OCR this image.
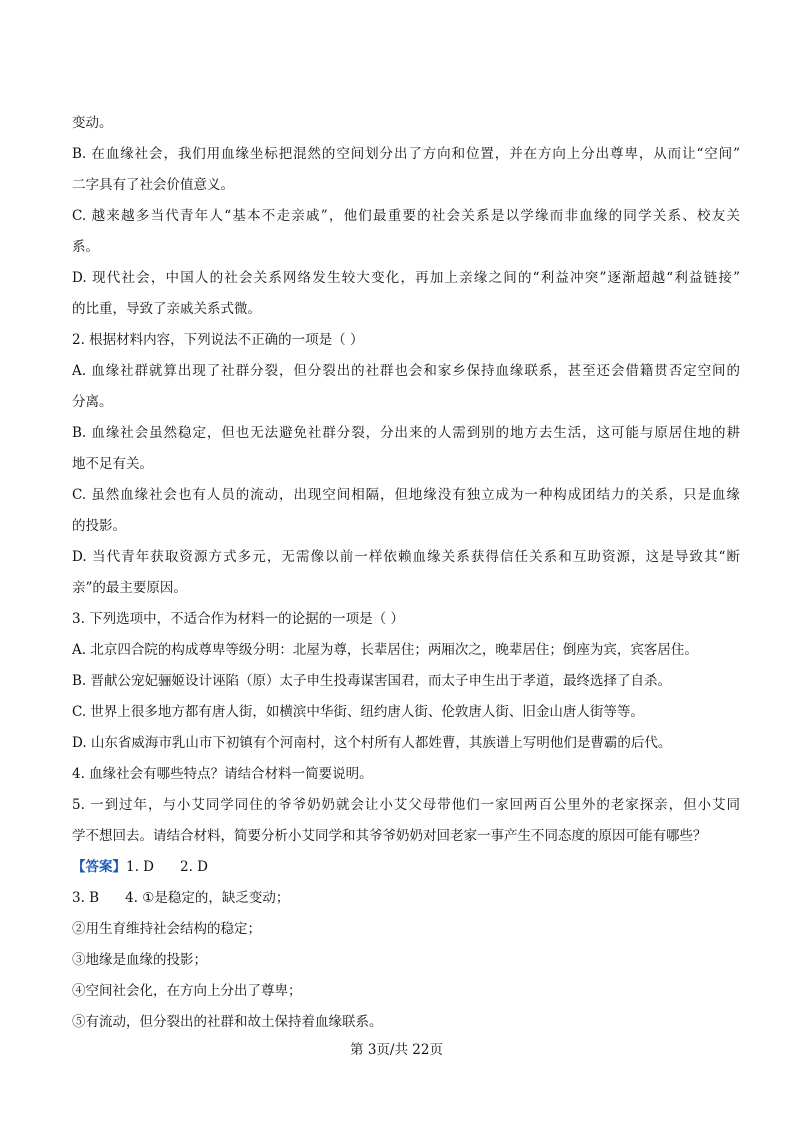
变动。
B. 在血缘社会，我们用血缘坐标把混然的空间划分出了方向和位置，并在方向上分出尊卑，从而让“空间”
二字具有了社会价值意义。
C. 越来越多当代青年人“基本不走亲戚”，他们最重要的社会关系是以学缘而非血缘的同学关系、校友关
系。
D. 现代社会，中国人的社会关系网络发生较大变化，再加上亲缘之间的“利益冲突”逐渐超越“利益链接”
的比重，导致了亲戚关系式微。
2. 根据材料内容，下列说法不正确的一项是（ ）
A. 血缘社群就算出现了社群分裂，但分裂出的社群也会和家乡保持血缘联系，甚至还会借籍贯否定空间的
分离。
B. 血缘社会虽然稳定，但也无法避免社群分裂，分出来的人需到别的地方去生活，这可能与原居住地的耕
地不足有关。
C. 虽然血缘社会也有人员的流动，出现空间相隔，但地缘没有独立成为一种构成团结力的关系，只是血缘
的投影。
D. 当代青年获取资源方式多元，无需像以前一样依赖血缘关系获得信任关系和互助资源，这是导致其“断
亲”的最主要原因。
3. 下列选项中，不适合作为材料一的论据的一项是（ ）
A. 北京四合院的构成尊卑等级分明：北屋为尊，长辈居住；两厢次之，晚辈居住；倒座为宾，宾客居住。
B. 晋献公宠妃骊姬设计诬陷（原）太子申生投毒谋害国君，而太子申生出于孝道，最终选择了自杀。
C. 世界上很多地方都有唐人街，如横滨中华街、纽约唐人街、伦敦唐人街、旧金山唐人街等等。
D. 山东省威海市乳山市下初镇有个河南村，这个村所有人都姓曹，其族谱上写明他们是曹霸的后代。
4. 血缘社会有哪些特点？请结合材料一简要说明。
5. 一到过年，与小艾同学同住的爷爷奶奶就会让小艾父母带他们一家回两百公里外的老家探亲，但小艾同
学不想回去。请结合材料，简要分析小艾同学和其爷爷奶奶对回老家一事产生不同态度的原因可能有哪些？
【答案】1. D 2. D
3. B 4. ①是稳定的，缺乏变动；
②用生育维持社会结构的稳定；
③地缘是血缘的投影；
④空间社会化，在方向上分出了尊卑；
⑤有流动，但分裂出的社群和故土保持着血缘联系。
第 3页/共 22页
